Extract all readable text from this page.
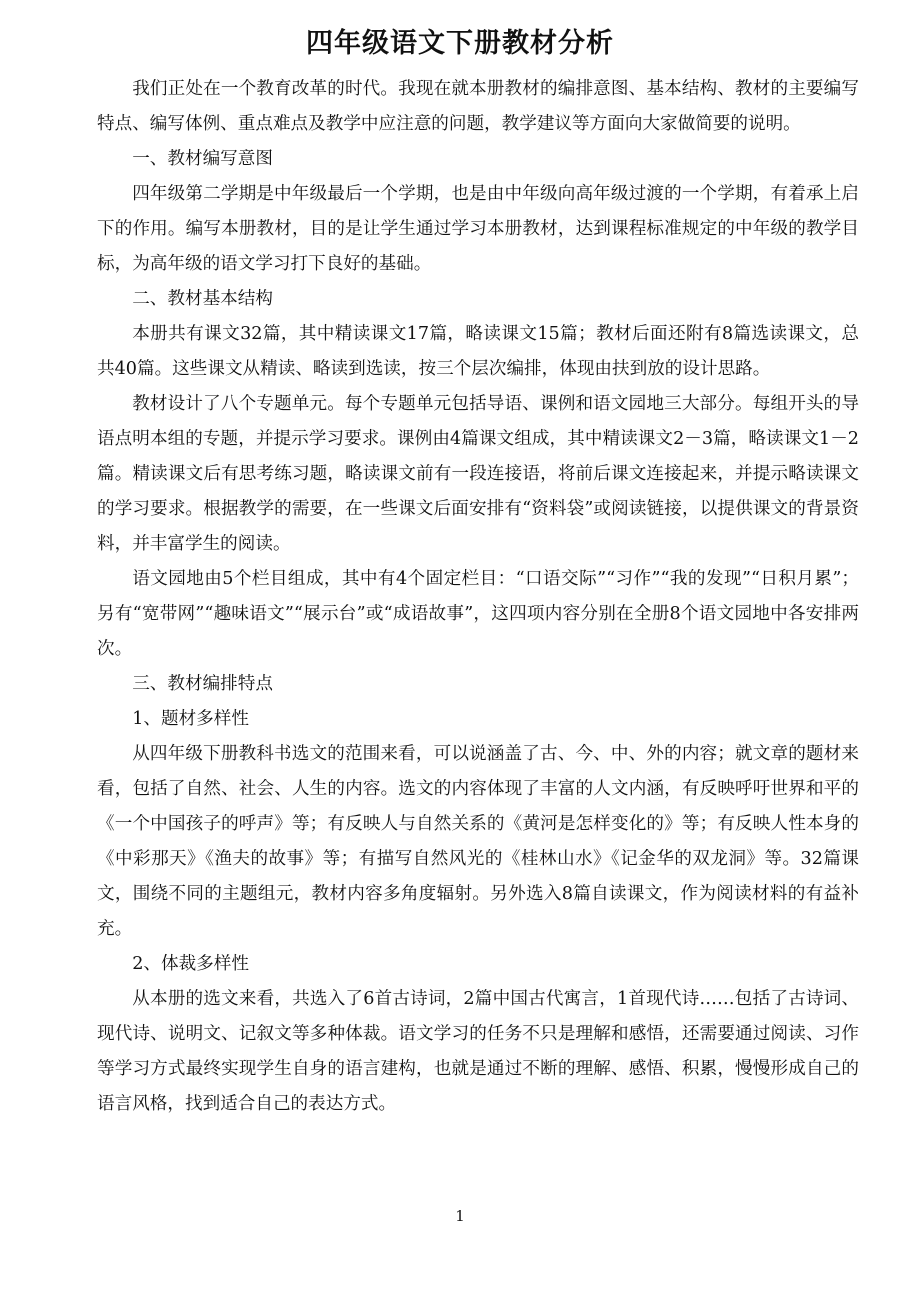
四年级语文下册教材分析

我们正处在一个教育改革的时代。我现在就本册教材的编排意图、基本结构、教材的主要编写特点、编写体例、重点难点及教学中应注意的问题，教学建议等方面向大家做简要的说明。

一、教材编写意图

四年级第二学期是中年级最后一个学期，也是由中年级向高年级过渡的一个学期，有着承上启下的作用。编写本册教材，目的是让学生通过学习本册教材，达到课程标准规定的中年级的教学目标，为高年级的语文学习打下良好的基础。

二、教材基本结构

本册共有课文32篇，其中精读课文17篇，略读课文15篇；教材后面还附有8篇选读课文，总共40篇。这些课文从精读、略读到选读，按三个层次编排，体现由扶到放的设计思路。

教材设计了八个专题单元。每个专题单元包括导语、课例和语文园地三大部分。每组开头的导语点明本组的专题，并提示学习要求。课例由4篇课文组成，其中精读课文2－3篇，略读课文1－2篇。精读课文后有思考练习题，略读课文前有一段连接语，将前后课文连接起来，并提示略读课文的学习要求。根据教学的需要，在一些课文后面安排有“资料袋”或阅读链接，以提供课文的背景资料，并丰富学生的阅读。

语文园地由5个栏目组成，其中有4个固定栏目：“口语交际”“习作”“我的发现”“日积月累”；另有“宽带网”“趣味语文”“展示台”或“成语故事”，这四项内容分别在全册8个语文园地中各安排两次。

三、教材编排特点

1、题材多样性

从四年级下册教科书选文的范围来看，可以说涵盖了古、今、中、外的内容；就文章的题材来看，包括了自然、社会、人生的内容。选文的内容体现了丰富的人文内涵，有反映呼吁世界和平的《一个中国孩子的呼声》等；有反映人与自然关系的《黄河是怎样变化的》等；有反映人性本身的《中彩那天》《渔夫的故事》等；有描写自然风光的《桂林山水》《记金华的双龙洞》等。32篇课文，围绕不同的主题组元，教材内容多角度辐射。另外选入8篇自读课文，作为阅读材料的有益补充。

2、体裁多样性

从本册的选文来看，共选入了6首古诗词，2篇中国古代寓言，1首现代诗……包括了古诗词、现代诗、说明文、记叙文等多种体裁。语文学习的任务不只是理解和感悟，还需要通过阅读、习作等学习方式最终实现学生自身的语言建构，也就是通过不断的理解、感悟、积累，慢慢形成自己的语言风格，找到适合自己的表达方式。

1
